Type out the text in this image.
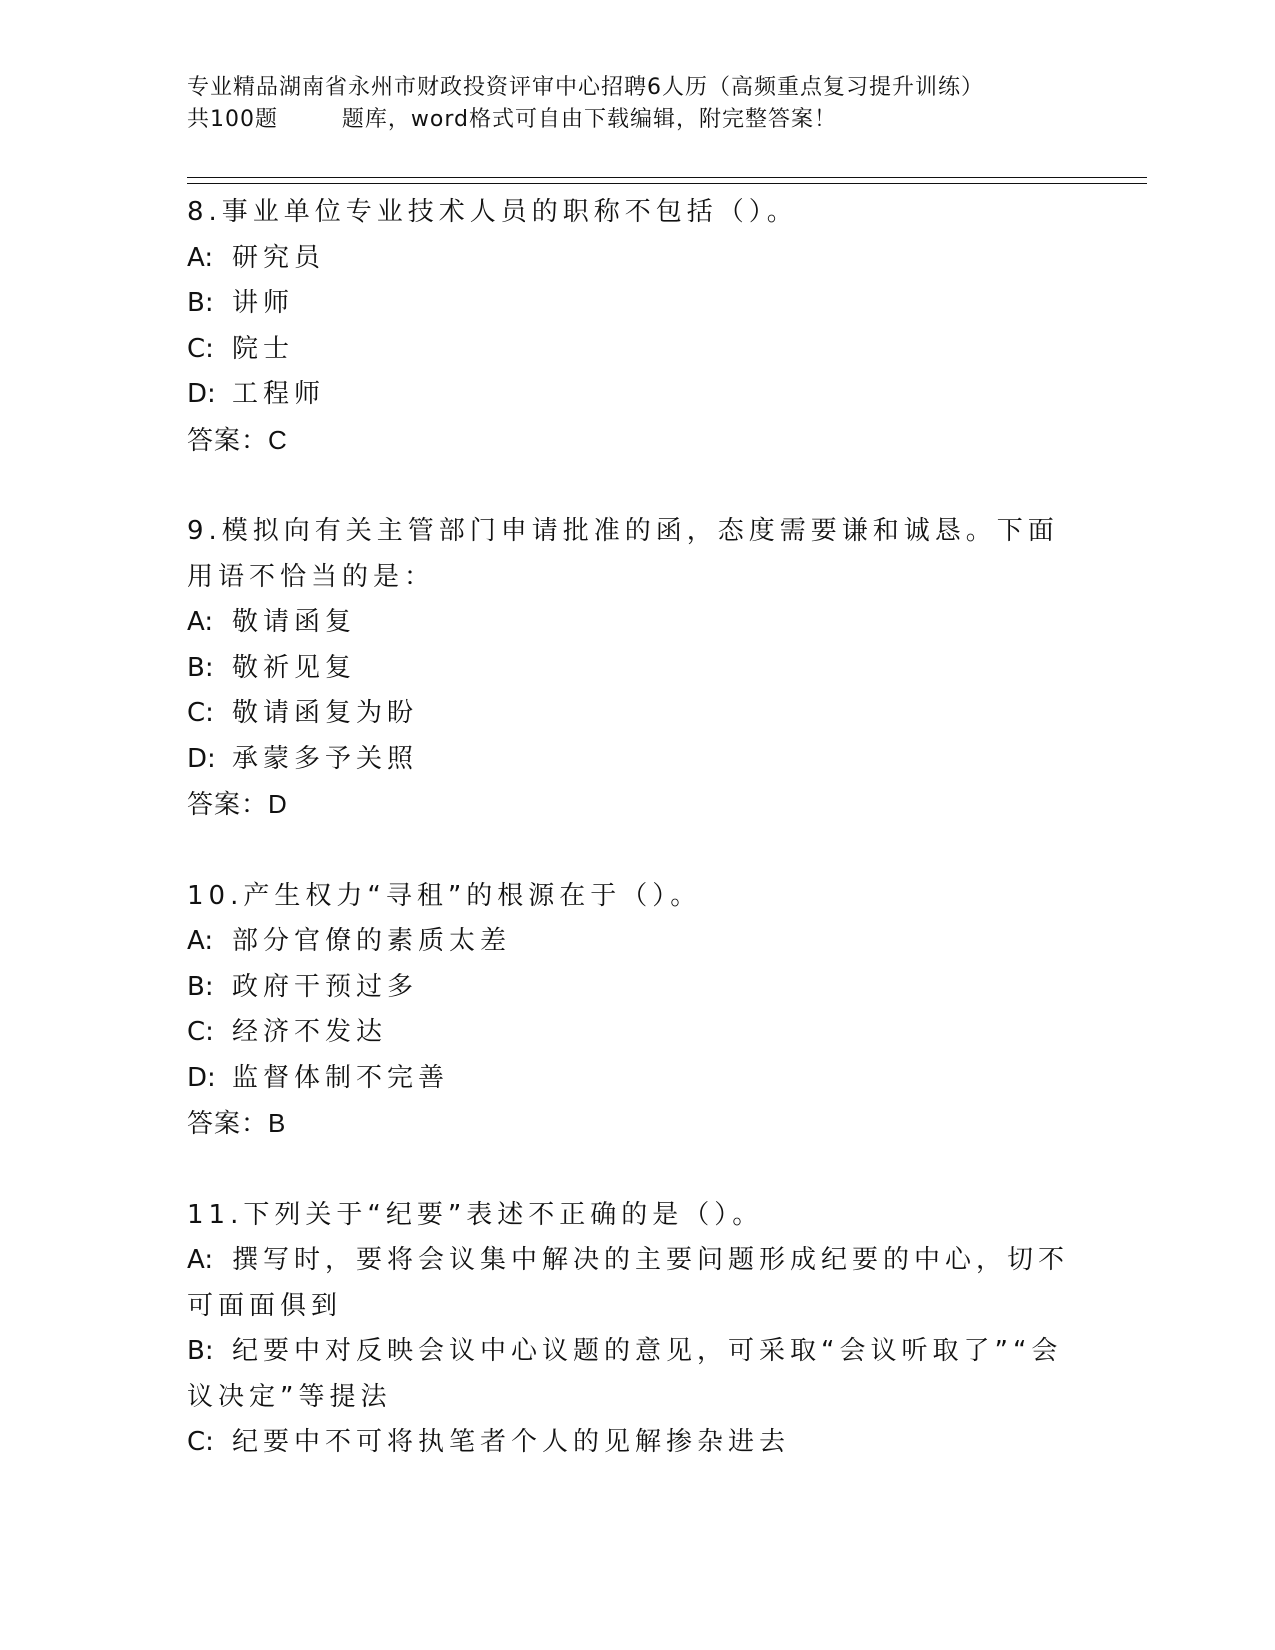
专业精品湖南省永州市财政投资评审中心招聘6人历（高频重点复习提升训练）
共100题        题库，word格式可自由下载编辑，附完整答案！
8.事业单位专业技术人员的职称不包括（）。
A: 研究员
B: 讲师
C: 院士
D: 工程师
答案：C
9.模拟向有关主管部门申请批准的函，态度需要谦和诚恳。下面用语不恰当的是：
A: 敬请函复
B: 敬祈见复
C: 敬请函复为盼
D: 承蒙多予关照
答案：D
10.产生权力“寻租”的根源在于（）。
A: 部分官僚的素质太差
B: 政府干预过多
C: 经济不发达
D: 监督体制不完善
答案：B
11.下列关于“纪要”表述不正确的是（）。
A: 撰写时，要将会议集中解决的主要问题形成纪要的中心，切不可面面俱到
B: 纪要中对反映会议中心议题的意见，可采取“会议听取了”“会议决定”等提法
C: 纪要中不可将执笔者个人的见解掺杂进去
